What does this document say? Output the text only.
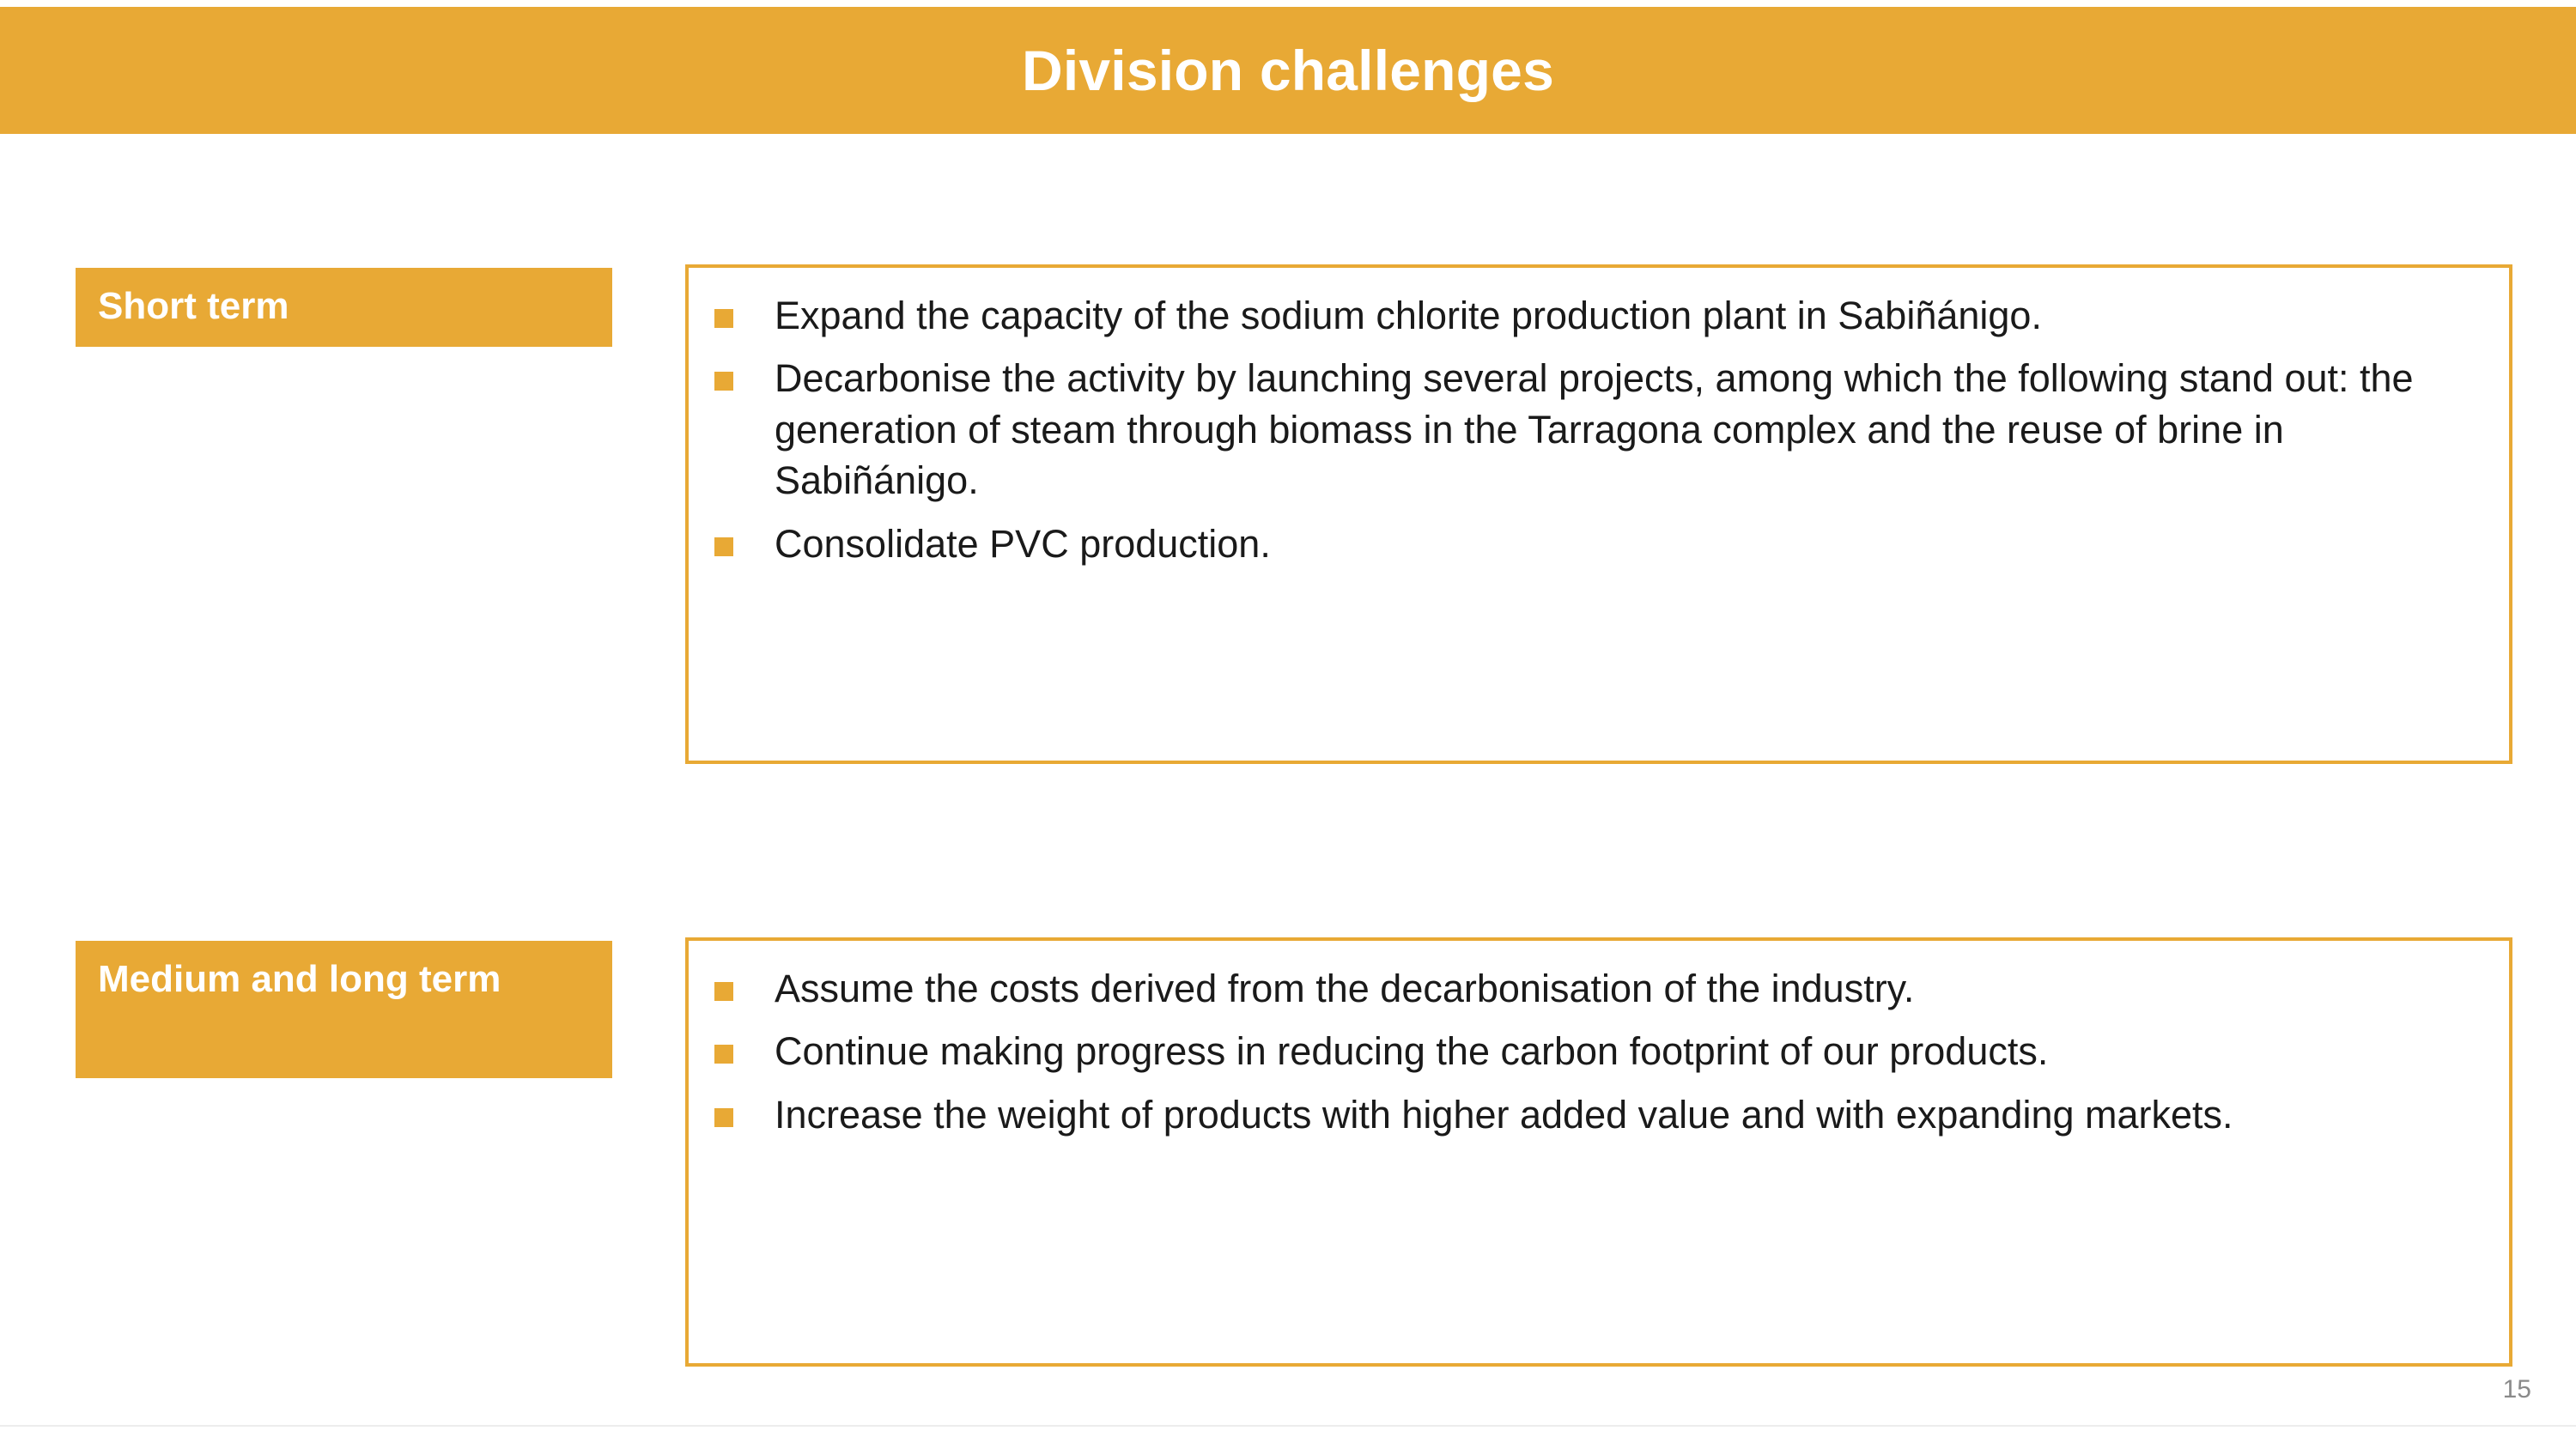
Division challenges
Short term	Expand the capacity of the sodium chlorite production plant in Sabiñánigo.
Decarbonise the activity by launching several projects, among which the following stand out: the generation of steam through biomass in the Tarragona complex and the reuse of brine in Sabiñánigo.
Consolidate PVC production.
Medium and long term	Assume the costs derived from the decarbonisation of the industry.
Continue making progress in reducing the carbon footprint of our products.
Increase the weight of products with higher added value and with expanding markets.
15
